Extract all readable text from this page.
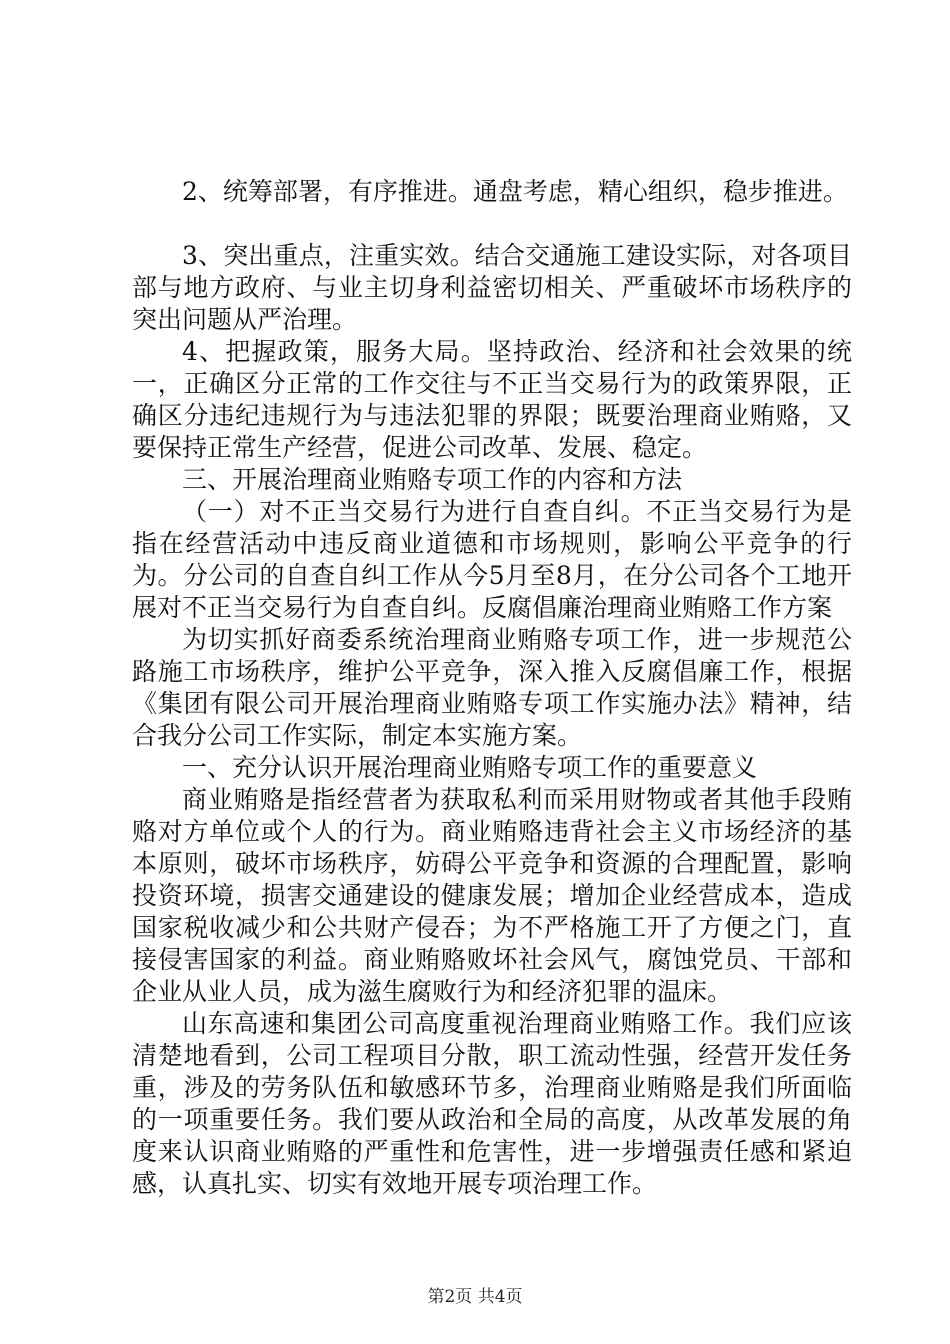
2、统筹部署，有序推进。通盘考虑，精心组织，稳步推进。

3、突出重点，注重实效。结合交通施工建设实际，对各项目部与地方政府、与业主切身利益密切相关、严重破坏市场秩序的突出问题从严治理。

4、把握政策，服务大局。坚持政治、经济和社会效果的统一，正确区分正常的工作交往与不正当交易行为的政策界限，正确区分违纪违规行为与违法犯罪的界限；既要治理商业贿赂，又要保持正常生产经营，促进公司改革、发展、稳定。

三、开展治理商业贿赂专项工作的内容和方法

（一）对不正当交易行为进行自查自纠。不正当交易行为是指在经营活动中违反商业道德和市场规则，影响公平竞争的行为。分公司的自查自纠工作从今5月至8月，在分公司各个工地开展对不正当交易行为自查自纠。反腐倡廉治理商业贿赂工作方案

为切实抓好商委系统治理商业贿赂专项工作，进一步规范公路施工市场秩序，维护公平竞争，深入推入反腐倡廉工作，根据《集团有限公司开展治理商业贿赂专项工作实施办法》精神，结合我分公司工作实际，制定本实施方案。

一、充分认识开展治理商业贿赂专项工作的重要意义

商业贿赂是指经营者为获取私利而采用财物或者其他手段贿赂对方单位或个人的行为。商业贿赂违背社会主义市场经济的基本原则，破坏市场秩序，妨碍公平竞争和资源的合理配置，影响投资环境，损害交通建设的健康发展；增加企业经营成本，造成国家税收减少和公共财产侵吞；为不严格施工开了方便之门，直接侵害国家的利益。商业贿赂败坏社会风气，腐蚀党员、干部和企业从业人员，成为滋生腐败行为和经济犯罪的温床。

山东高速和集团公司高度重视治理商业贿赂工作。我们应该清楚地看到，公司工程项目分散，职工流动性强，经营开发任务重，涉及的劳务队伍和敏感环节多，治理商业贿赂是我们所面临的一项重要任务。我们要从政治和全局的高度，从改革发展的角度来认识商业贿赂的严重性和危害性，进一步增强责任感和紧迫感，认真扎实、切实有效地开展专项治理工作。

第2页 共4页
